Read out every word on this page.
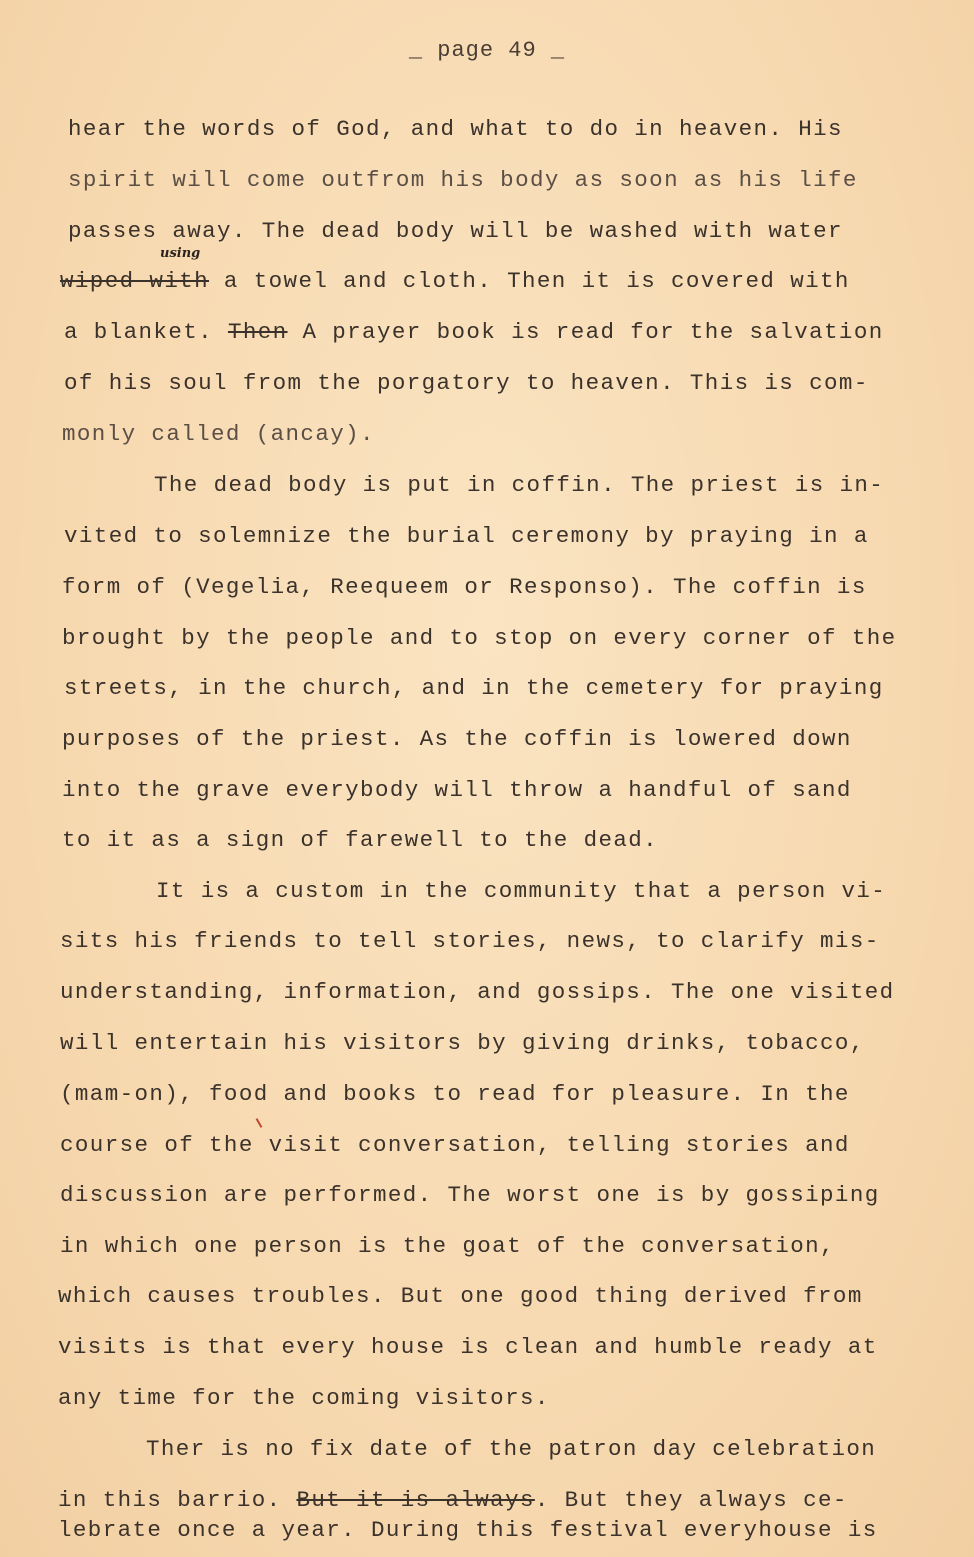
_ page 49 _
hear the words of God, and what to do in heaven. His
spirit will come outfrom his body as soon as his life
passes away. The dead body will be washed with water
using
wiped with a towel and cloth. Then it is covered with
a blanket. Then A prayer book is read for the salvation
of his soul from the porgatory to heaven. This is com-
monly called (ancay).
The dead body is put in coffin. The priest is in-
vited to solemnize the burial ceremony by praying in a
form of (Vegelia, Reequeem or Responso). The coffin is
brought by the people and to stop on every corner of the
streets, in the church, and in the cemetery for praying
purposes of the priest. As the coffin is lowered down
into the grave everybody will throw a handful of sand
to it as a sign of farewell to the dead.
It is a custom in the community that a person vi-
sits his friends to tell stories, news, to clarify mis-
understanding, information, and gossips. The one visited
will entertain his visitors by giving drinks, tobacco,
(mam-on), food and books to read for pleasure. In the
course of the visit conversation, telling stories and
discussion are performed. The worst one is by gossiping
in which one person is the goat of the conversation,
which causes troubles. But one good thing derived from
visits is that every house is clean and humble ready at
any time for the coming visitors.
Ther is no fix date of the patron day celebration
in this barrio. But it is always. But they always ce-
lebrate once a year. During this festival everyhouse is
